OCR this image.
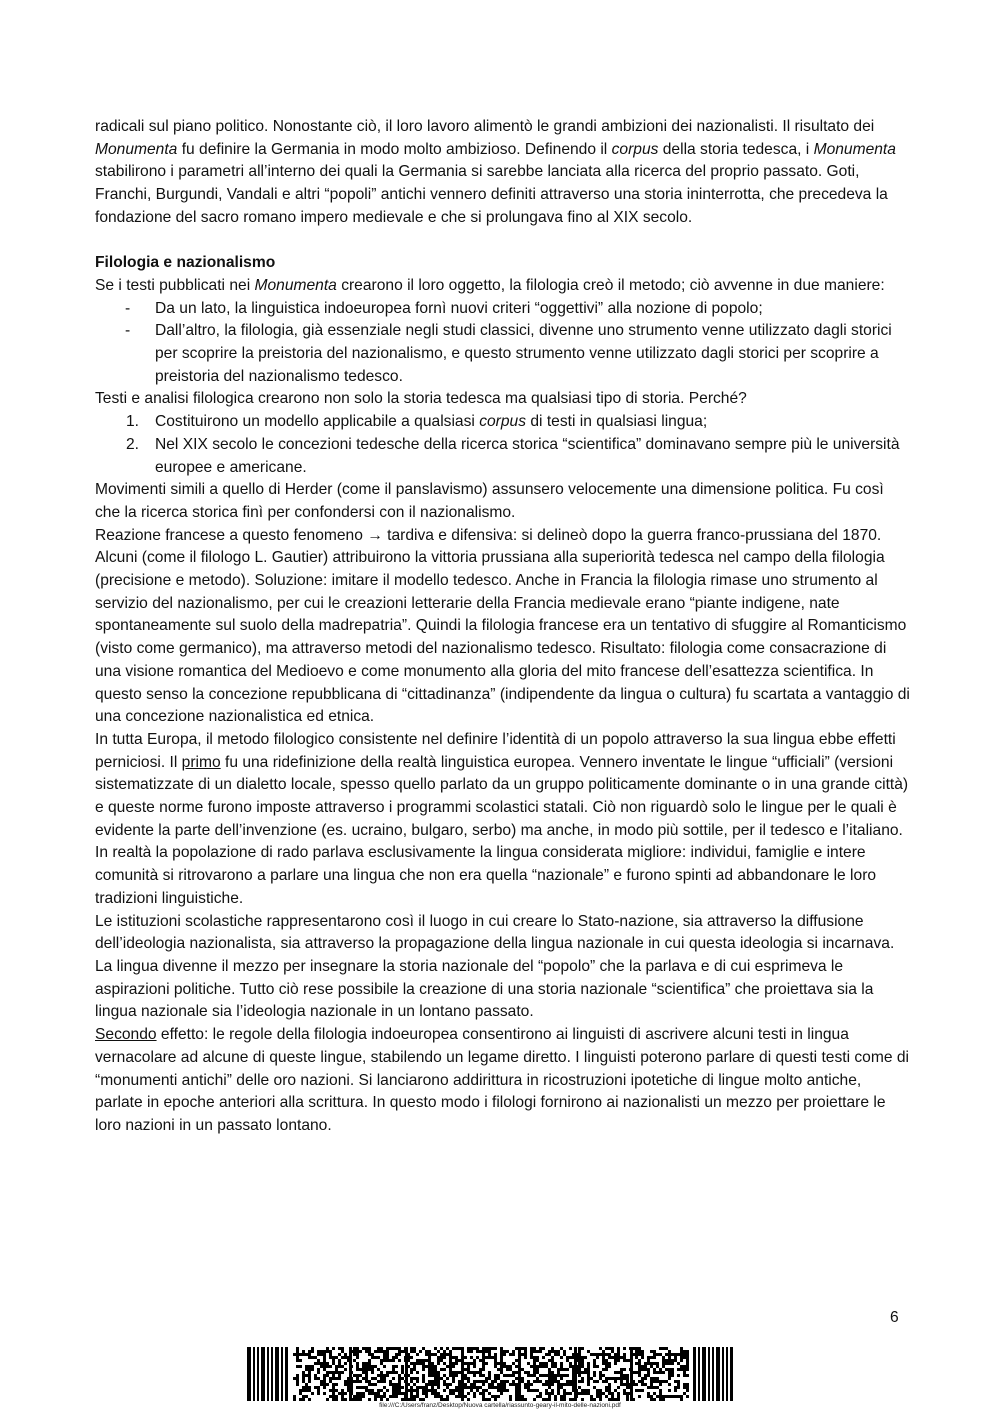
radicali sul piano politico. Nonostante ciò, il loro lavoro alimentò le grandi ambizioni dei nazionalisti. Il risultato dei Monumenta fu definire la Germania in modo molto ambizioso. Definendo il corpus della storia tedesca, i Monumenta stabilirono i parametri all’interno dei quali la Germania si sarebbe lanciata alla ricerca del proprio passato. Goti, Franchi, Burgundi, Vandali e altri “popoli” antichi vennero definiti attraverso una storia ininterrotta, che precedeva la fondazione del sacro romano impero medievale e che si prolungava fino al XIX secolo.

Filologia e nazionalismo

Se i testi pubblicati nei Monumenta crearono il loro oggetto, la filologia creò il metodo; ciò avvenne in due maniere:

- Da un lato, la linguistica indoeuropea fornì nuovi criteri “oggettivi” alla nozione di popolo;
- Dall’altro, la filologia, già essenziale negli studi classici, divenne uno strumento venne utilizzato dagli storici per scoprire la preistoria del nazionalismo, e questo strumento venne utilizzato dagli storici per scoprire a preistoria del nazionalismo tedesco.

Testi e analisi filologica crearono non solo la storia tedesca ma qualsiasi tipo di storia. Perché?

1. Costituirono un modello applicabile a qualsiasi corpus di testi in qualsiasi lingua;
2. Nel XIX secolo le concezioni tedesche della ricerca storica “scientifica” dominavano sempre più le università europee e americane.

Movimenti simili a quello di Herder (come il panslavismo) assunsero velocemente una dimensione politica. Fu così che la ricerca storica finì per confondersi con il nazionalismo.

Reazione francese a questo fenomeno → tardiva e difensiva: si delineò dopo la guerra franco-prussiana del 1870. Alcuni (come il filologo L. Gautier) attribuirono la vittoria prussiana alla superiorità tedesca nel campo della filologia (precisione e metodo). Soluzione: imitare il modello tedesco. Anche in Francia la filologia rimase uno strumento al servizio del nazionalismo, per cui le creazioni letterarie della Francia medievale erano “piante indigene, nate spontaneamente sul suolo della madrepatria”. Quindi la filologia francese era un tentativo di sfuggire al Romanticismo (visto come germanico), ma attraverso metodi del nazionalismo tedesco. Risultato: filologia come consacrazione di una visione romantica del Medioevo e come monumento alla gloria del mito francese dell’esattezza scientifica. In questo senso la concezione repubblicana di “cittadinanza” (indipendente da lingua o cultura) fu scartata a vantaggio di una concezione nazionalistica ed etnica.

In tutta Europa, il metodo filologico consistente nel definire l’identità di un popolo attraverso la sua lingua ebbe effetti perniciosi. Il primo fu una ridefinizione della realtà linguistica europea. Vennero inventate le lingue “ufficiali” (versioni sistematizzate di un dialetto locale, spesso quello parlato da un gruppo politicamente dominante o in una grande città) e queste norme furono imposte attraverso i programmi scolastici statali. Ciò non riguardò solo le lingue per le quali è evidente la parte dell’invenzione (es. ucraino, bulgaro, serbo) ma anche, in modo più sottile, per il tedesco e l’italiano. In realtà la popolazione di rado parlava esclusivamente la lingua considerata migliore: individui, famiglie e intere comunità si ritrovarono a parlare una lingua che non era quella “nazionale” e furono spinti ad abbandonare le loro tradizioni linguistiche.

Le istituzioni scolastiche rappresentarono così il luogo in cui creare lo Stato-nazione, sia attraverso la diffusione dell’ideologia nazionalista, sia attraverso la propagazione della lingua nazionale in cui questa ideologia si incarnava. La lingua divenne il mezzo per insegnare la storia nazionale del “popolo” che la parlava e di cui esprimeva le aspirazioni politiche. Tutto ciò rese possibile la creazione di una storia nazionale “scientifica” che proiettava sia la lingua nazionale sia l’ideologia nazionale in un lontano passato.

Secondo effetto: le regole della filologia indoeuropea consentirono ai linguisti di ascrivere alcuni testi in lingua vernacolare ad alcune di queste lingue, stabilendo un legame diretto. I linguisti poterono parlare di questi testi come di “monumenti antichi” delle oro nazioni. Si lanciarono addirittura in ricostruzioni ipotetiche di lingue molto antiche, parlate in epoche anteriori alla scrittura. In questo modo i filologi fornirono ai nazionalisti un mezzo per proiettare le loro nazioni in un passato lontano.

6
file:///C:/Users/franz/Desktop/Nuova cartella/riassunto-geary-il-mito-delle-nazioni.pdf
